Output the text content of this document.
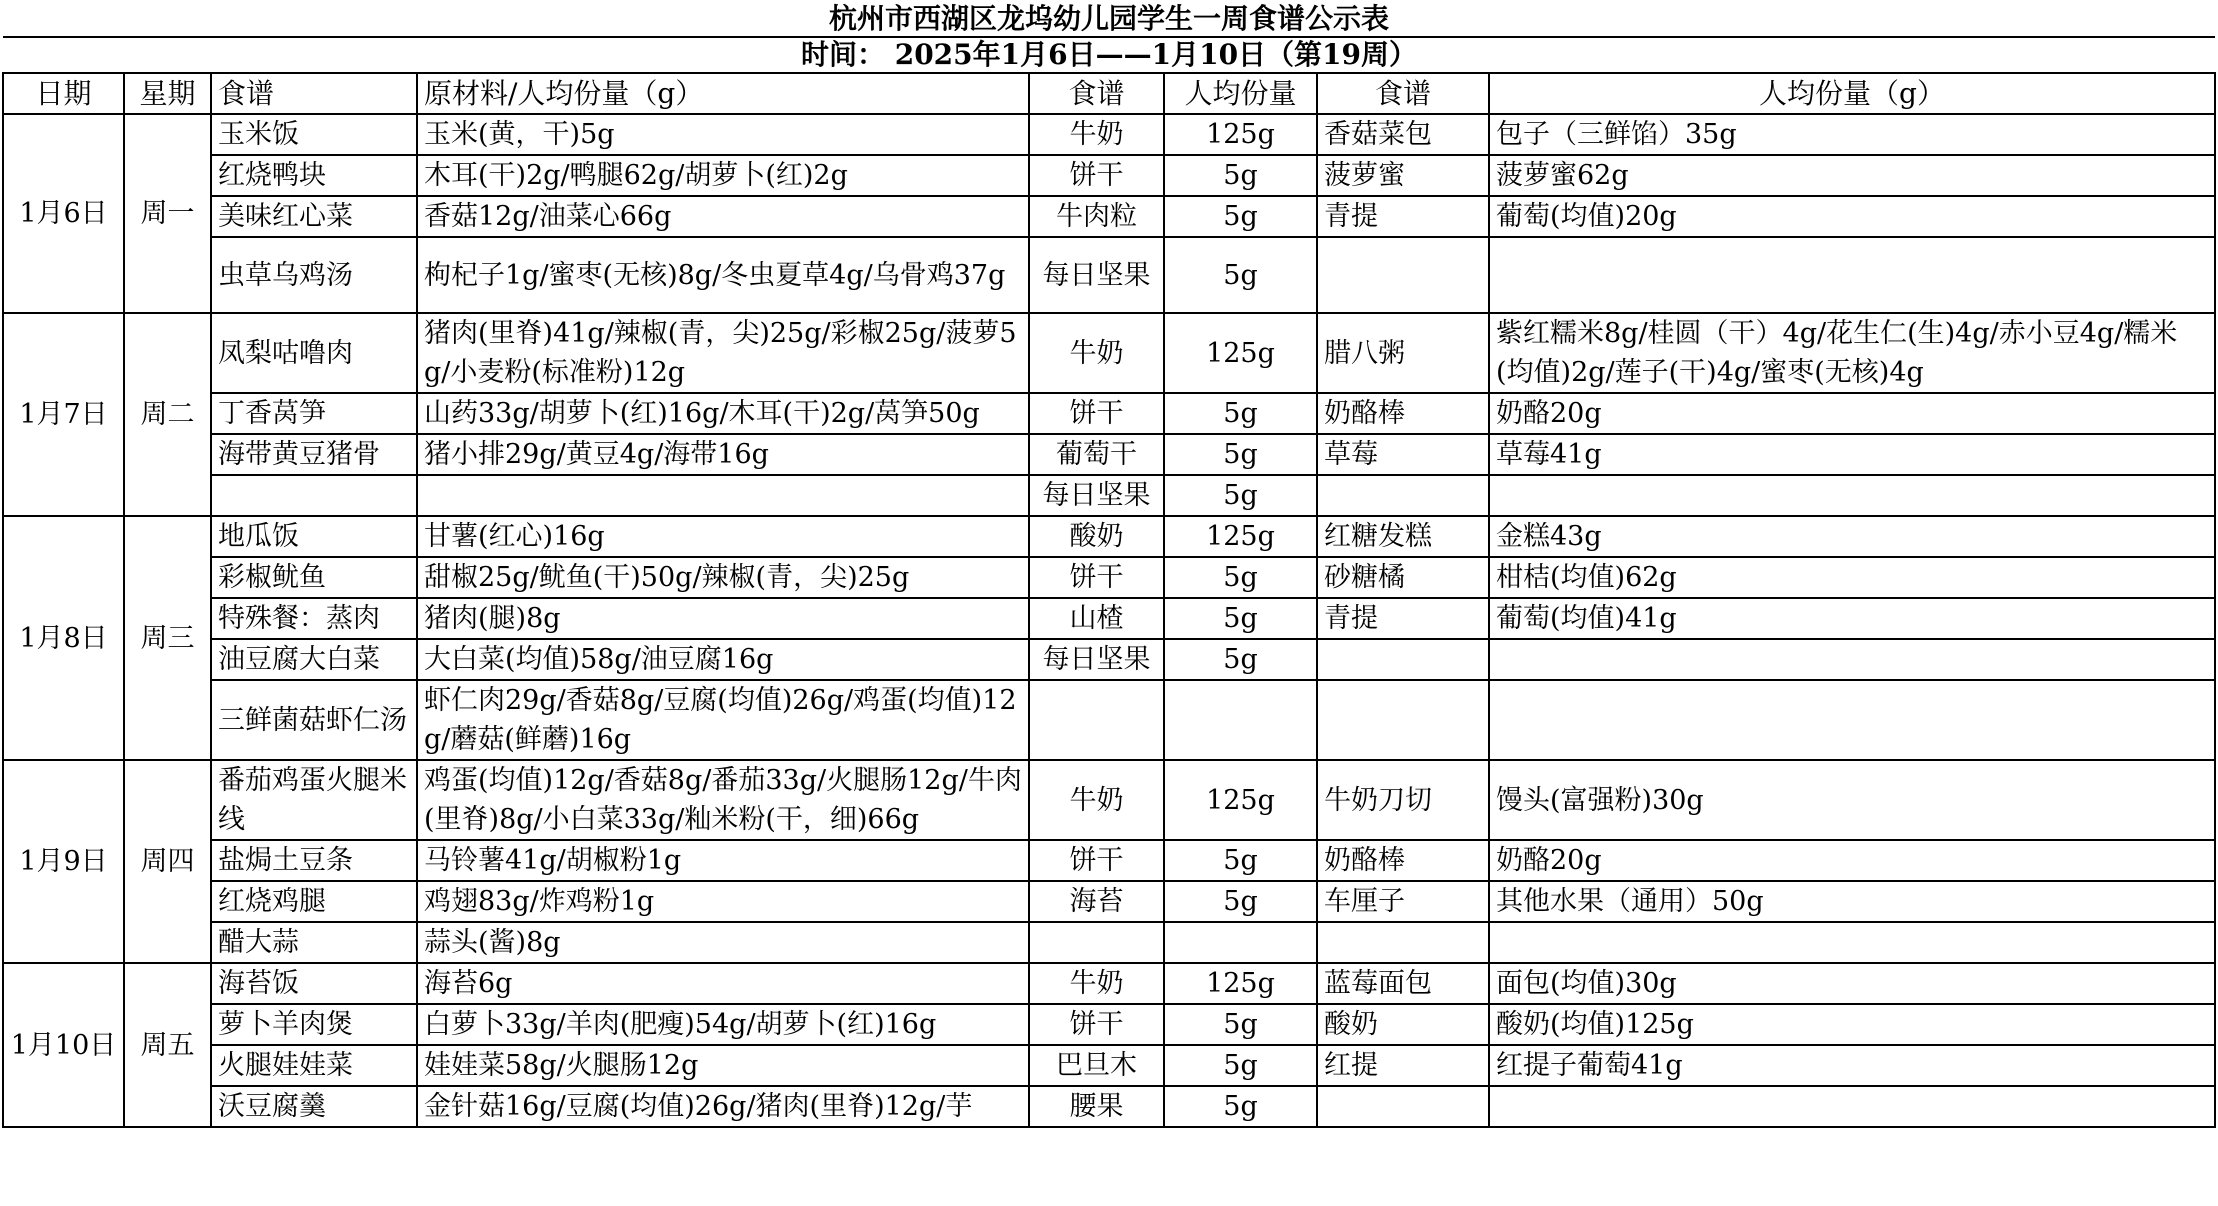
杭州市西湖区龙坞幼儿园学生一周食谱公示表							
时间： 2025年1月6日——1月10日（第19周）							
日期	星期	食谱	原材料/人均份量（g）	食谱	人均份量	食谱	人均份量（g）
1月6日	周一	玉米饭	玉米(黄，干)5g	牛奶	125g	香菇菜包	包子（三鲜馅）35g
		红烧鸭块	木耳(干)2g/鸭腿62g/胡萝卜(红)2g	饼干	5g	菠萝蜜	菠萝蜜62g
		美味红心菜	香菇12g/油菜心66g	牛肉粒	5g	青提	葡萄(均值)20g
		虫草乌鸡汤	枸杞子1g/蜜枣(无核)8g/冬虫夏草4g/乌骨鸡37g	每日坚果	5g		
1月7日	周二	凤梨咕噜肉	猪肉(里脊)41g/辣椒(青，尖)25g/彩椒25g/菠萝5g/小麦粉(标准粉)12g	牛奶	125g	腊八粥	紫红糯米8g/桂圆（干）4g/花生仁(生)4g/赤小豆4g/糯米(均值)2g/莲子(干)4g/蜜枣(无核)4g
		丁香莴笋	山药33g/胡萝卜(红)16g/木耳(干)2g/莴笋50g	饼干	5g	奶酪棒	奶酪20g
		海带黄豆猪骨	猪小排29g/黄豆4g/海带16g	葡萄干	5g	草莓	草莓41g
				每日坚果	5g		
1月8日	周三	地瓜饭	甘薯(红心)16g	酸奶	125g	红糖发糕	金糕43g
		彩椒鱿鱼	甜椒25g/鱿鱼(干)50g/辣椒(青，尖)25g	饼干	5g	砂糖橘	柑桔(均值)62g
		特殊餐：蒸肉	猪肉(腿)8g	山楂	5g	青提	葡萄(均值)41g
		油豆腐大白菜	大白菜(均值)58g/油豆腐16g	每日坚果	5g		
		三鲜菌菇虾仁汤	虾仁肉29g/香菇8g/豆腐(均值)26g/鸡蛋(均值)12g/蘑菇(鲜蘑)16g				
1月9日	周四	番茄鸡蛋火腿米线	鸡蛋(均值)12g/香菇8g/番茄33g/火腿肠12g/牛肉(里脊)8g/小白菜33g/籼米粉(干，细)66g	牛奶	125g	牛奶刀切	馒头(富强粉)30g
		盐焗土豆条	马铃薯41g/胡椒粉1g	饼干	5g	奶酪棒	奶酪20g
		红烧鸡腿	鸡翅83g/炸鸡粉1g	海苔	5g	车厘子	其他水果（通用）50g
		醋大蒜	蒜头(酱)8g				
1月10日	周五	海苔饭	海苔6g	牛奶	125g	蓝莓面包	面包(均值)30g
		萝卜羊肉煲	白萝卜33g/羊肉(肥瘦)54g/胡萝卜(红)16g	饼干	5g	酸奶	酸奶(均值)125g
		火腿娃娃菜	娃娃菜58g/火腿肠12g	巴旦木	5g	红提	红提子葡萄41g
		沃豆腐羹	金针菇16g/豆腐(均值)26g/猪肉(里脊)12g/芋	腰果	5g		
